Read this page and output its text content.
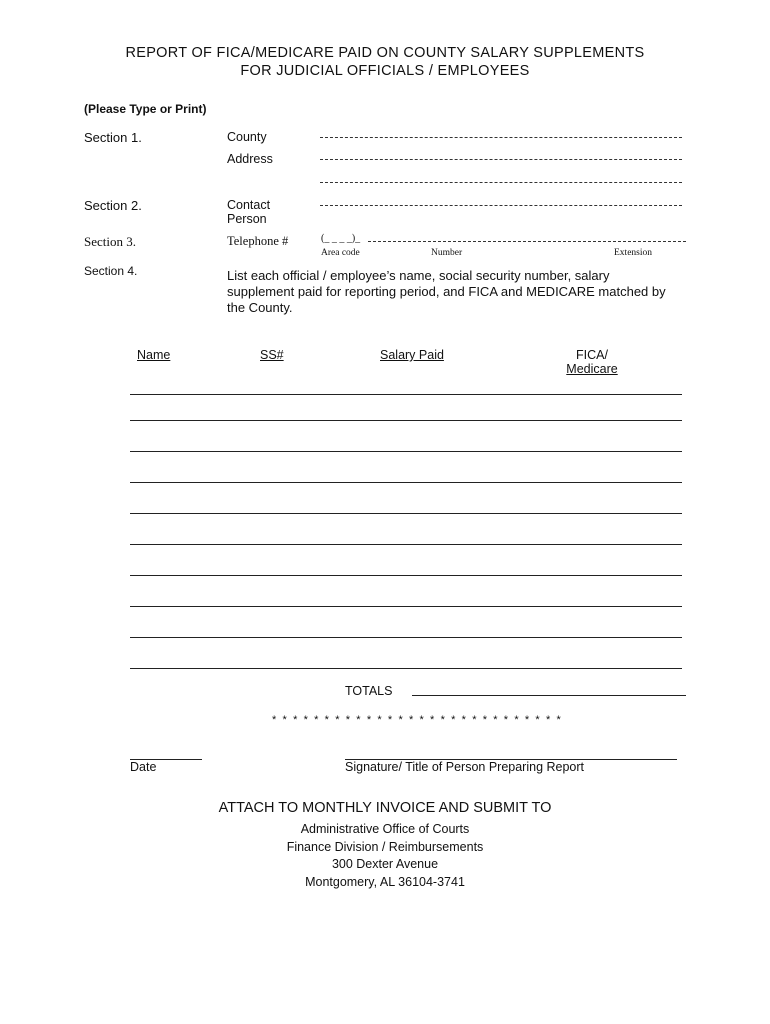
REPORT OF FICA/MEDICARE PAID ON COUNTY SALARY SUPPLEMENTS
FOR JUDICIAL OFFICIALS / EMPLOYEES
(Please Type or Print)
Section 1.	County
Address
Section 2.	Contact
Person
Section 3.	Telephone #	(_ _ _ _)_
Area code	Number	Extension
Section 4.	List each official / employee’s name, social security number, salary supplement paid for reporting period, and FICA and MEDICARE matched by the County.
Name	SS#	Salary Paid	FICA/
Medicare
TOTALS
* * * * * * * * * * * * * * * * * * * * * * * * * * * *
Date	Signature/ Title of Person Preparing Report
ATTACH TO MONTHLY INVOICE AND SUBMIT TO
Administrative Office of Courts
Finance Division / Reimbursements
300 Dexter Avenue
Montgomery, AL 36104-3741
